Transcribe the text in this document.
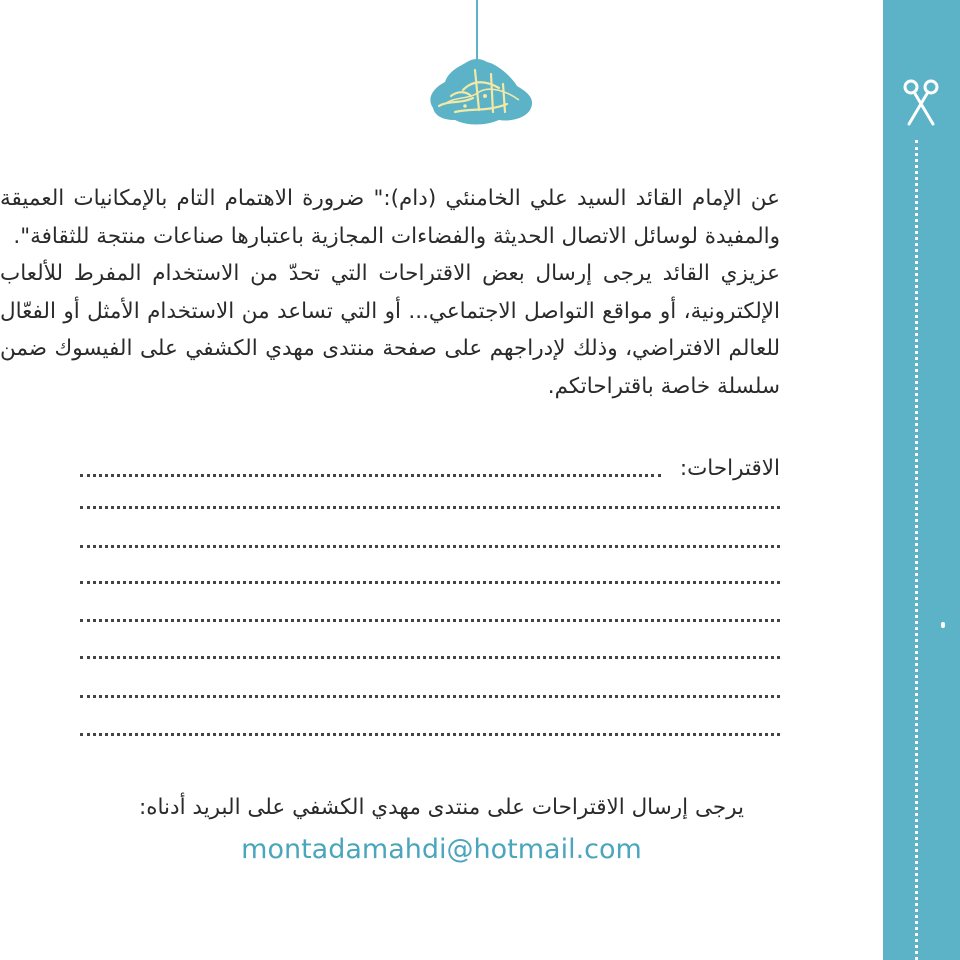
عن الإمام القائد السيد علي الخامنئي (دام):" ضرورة الاهتمام التام بالإمكانيات العميقة والمفيدة لوسائل الاتصال الحديثة والفضاءات المجازية باعتبارها صناعات منتجة للثقافة".

عزيزي القائد يرجى إرسال بعض الاقتراحات التي تحدّ من الاستخدام المفرط للألعاب الإلكترونية، أو مواقع التواصل الاجتماعي... أو التي تساعد من الاستخدام الأمثل أو الفعّال للعالم الافتراضي، وذلك لإدراجهم على صفحة منتدى مهدي الكشفي على الفيسوك ضمن سلسلة خاصة باقتراحاتكم.

الاقتراحات:
يرجى إرسال الاقتراحات على منتدى مهدي الكشفي على البريد أدناه:
montadamahdi@hotmail.com
